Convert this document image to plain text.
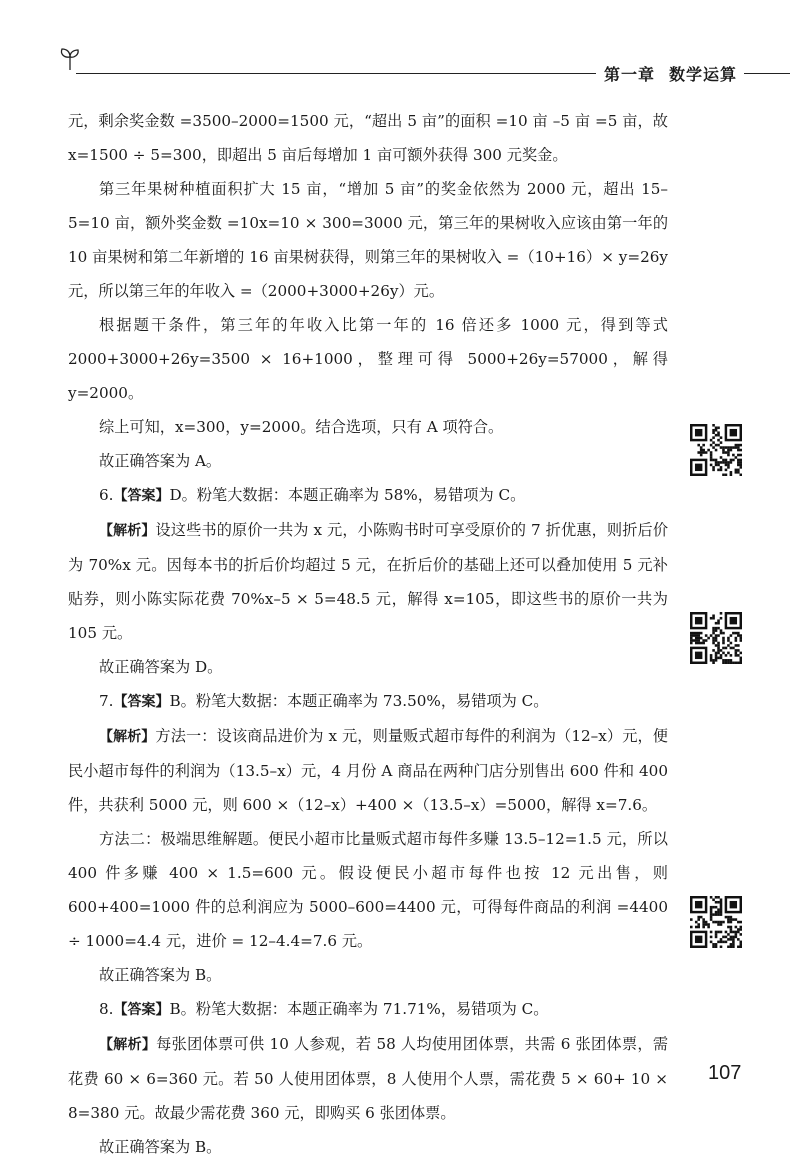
第一章 数学运算

元，剩余奖金数 =3500–2000=1500 元，“超出 5 亩”的面积 =10 亩 –5 亩 =5 亩，故 x=1500 ÷ 5=300，即超出 5 亩后每增加 1 亩可额外获得 300 元奖金。

第三年果树种植面积扩大 15 亩，“增加 5 亩”的奖金依然为 2000 元，超出 15–5=10 亩，额外奖金数 =10x=10 × 300=3000 元，第三年的果树收入应该由第一年的 10 亩果树和第二年新增的 16 亩果树获得，则第三年的果树收入 =（10+16）× y=26y 元，所以第三年的年收入 =（2000+3000+26y）元。

根据题干条件，第三年的年收入比第一年的 16 倍还多 1000 元，得到等式 2000+3000+26y=3500 × 16+1000，整理可得 5000+26y=57000，解得 y=2000。

综上可知，x=300，y=2000。结合选项，只有 A 项符合。

故正确答案为 A。

6.【答案】D。粉笔大数据：本题正确率为 58%，易错项为 C。

【解析】设这些书的原价一共为 x 元，小陈购书时可享受原价的 7 折优惠，则折后价为 70%x 元。因每本书的折后价均超过 5 元，在折后价的基础上还可以叠加使用 5 元补贴券，则小陈实际花费 70%x–5 × 5=48.5 元，解得 x=105，即这些书的原价一共为 105 元。

故正确答案为 D。

7.【答案】B。粉笔大数据：本题正确率为 73.50%，易错项为 C。

【解析】方法一：设该商品进价为 x 元，则量贩式超市每件的利润为（12–x）元，便民小超市每件的利润为（13.5–x）元，4 月份 A 商品在两种门店分别售出 600 件和 400 件，共获利 5000 元，则 600 ×（12–x）+400 ×（13.5–x）=5000，解得 x=7.6。

方法二：极端思维解题。便民小超市比量贩式超市每件多赚 13.5–12=1.5 元，所以 400 件多赚 400 × 1.5=600 元。假设便民小超市每件也按 12 元出售，则 600+400=1000 件的总利润应为 5000–600=4400 元，可得每件商品的利润 =4400 ÷ 1000=4.4 元，进价 = 12–4.4=7.6 元。

故正确答案为 B。

8.【答案】B。粉笔大数据：本题正确率为 71.71%，易错项为 C。

【解析】每张团体票可供 10 人参观，若 58 人均使用团体票，共需 6 张团体票，需花费 60 × 6=360 元。若 50 人使用团体票，8 人使用个人票，需花费 5 × 60+ 10 × 8=380 元。故最少需花费 360 元，即购买 6 张团体票。

故正确答案为 B。

107
